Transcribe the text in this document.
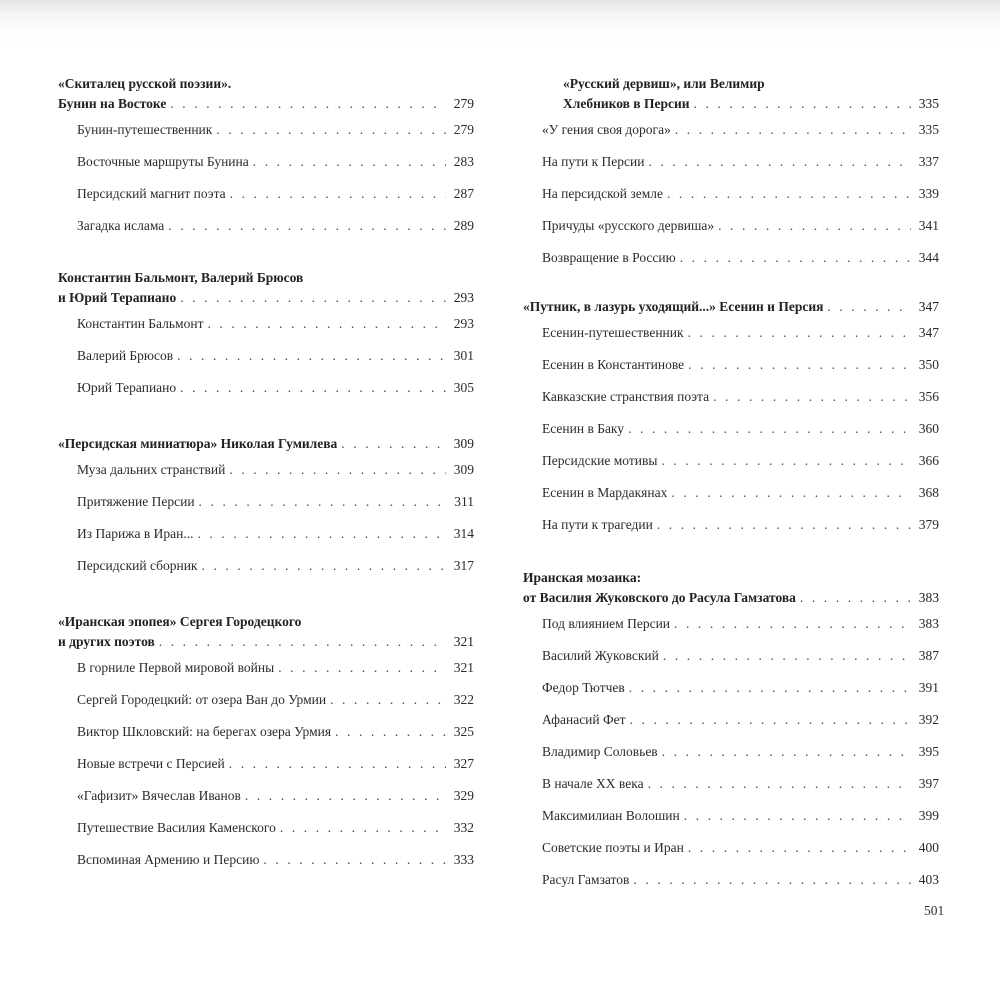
«Скиталец русской поэзии».
Бунин на Востоке . . .	279
Бунин-путешественник . . .	279
Восточные маршруты Бунина . . .	283
Персидский магнит поэта . . .	287
Загадка ислама . . .	289
Константин Бальмонт, Валерий Брюсов
и Юрий Терапиано . . .	293
Константин Бальмонт . . .	293
Валерий Брюсов . . .	301
Юрий Терапиано . . .	305
«Персидская миниатюра» Николая Гумилева . . .	309
Муза дальних странствий . . .	309
Притяжение Персии . . .	311
Из Парижа в Иран... . . .	314
Персидский сборник . . .	317
«Иранская эпопея» Сергея Городецкого
и других поэтов . . .	321
В горниле Первой мировой войны . . .	321
Сергей Городецкий: от озера Ван до Урмии . . .	322
Виктор Шкловский: на берегах озера Урмия . . .	325
Новые встречи с Персией . . .	327
«Гафизит» Вячеслав Иванов . . .	329
Путешествие Василия Каменского . . .	332
Вспоминая Армению и Персию . . .	333
«Русский дервиш», или Велимир
Хлебников в Персии . . .	335
«У гения своя дорога» . . .	335
На пути к Персии . . .	337
На персидской земле . . .	339
Причуды «русского дервиша» . . .	341
Возвращение в Россию . . .	344
«Путник, в лазурь уходящий...» Есенин и Персия . . .	347
Есенин-путешественник . . .	347
Есенин в Константинове . . .	350
Кавказские странствия поэта . . .	356
Есенин в Баку . . .	360
Персидские мотивы . . .	366
Есенин в Мардакянах . . .	368
На пути к трагедии . . .	379
Иранская мозаика:
от Василия Жуковского до Расула Гамзатова . . .	383
Под влиянием Персии . . .	383
Василий Жуковский . . .	387
Федор Тютчев . . .	391
Афанасий Фет . . .	392
Владимир Соловьев . . .	395
В начале XX века . . .	397
Максимилиан Волошин . . .	399
Советские поэты и Иран . . .	400
Расул Гамзатов . . .	403
501
